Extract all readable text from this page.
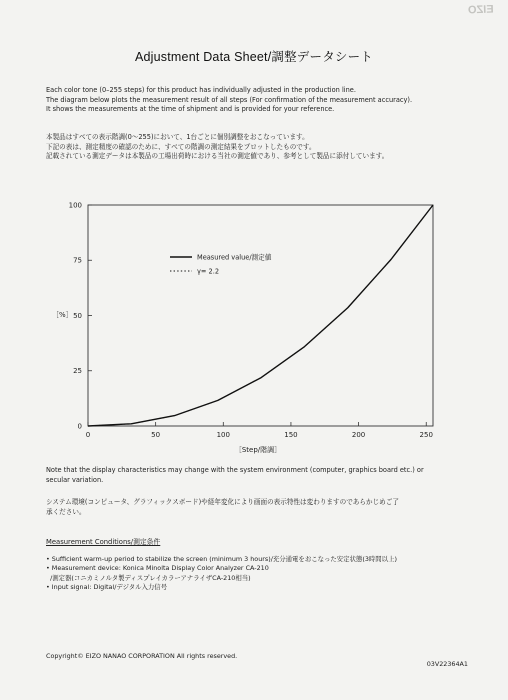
EIZO
Adjustment Data Sheet/調整データシート
Each color tone (0–255 steps) for this product has individually adjusted in the production line.
The diagram below plots the measurement result of all steps (For confirmation of the measurement accuracy).
It shows the measurements at the time of shipment and is provided for your reference.
本製品はすべての表示階調(0～255)において、1台ごとに個別調整をおこなっています。
下記の表は、測定精度の確認のために、すべての階調の測定結果をプロットしたものです。
記載されている測定データは本製品の工場出荷時における当社の測定値であり、参考として製品に添付しています。
0
25
50
75
100
0	50	100	150	200	250
［%］
［Step/階調］
Measured value/測定値
γ= 2.2
Note that the display characteristics may change with the system environment (computer, graphics board etc.) or
secular variation.
システム環境(コンピュータ、グラフィックスボード)や経年変化により画面の表示特性は変わりますのであらかじめご了
承ください。
Measurement Conditions/測定条件
• Sufficient warm-up period to stabilize the screen (minimum 3 hours)/充分通電をおこなった安定状態(3時間以上)
• Measurement device: Konica Minolta Display Color Analyzer CA-210
/測定器(コニカミノルタ製ディスプレイカラーアナライザCA-210相当)
• Input signal: Digital/デジタル入力信号
Copyright© EIZO NANAO CORPORATION All rights reserved.
03V22364A1
